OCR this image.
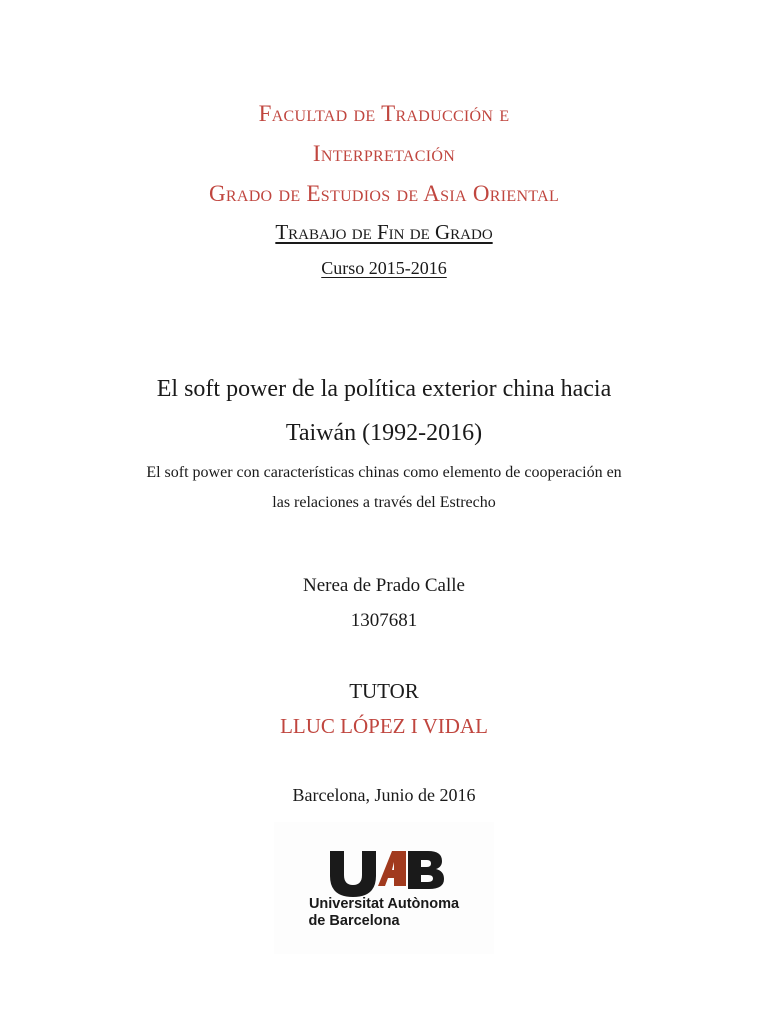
Facultad de Traducción e
Interpretación
Grado de Estudios de Asia Oriental
Trabajo de Fin de Grado
Curso 2015-2016
El soft power de la política exterior china hacia
Taiwán (1992-2016)
El soft power con características chinas como elemento de cooperación en
las relaciones a través del Estrecho
Nerea de Prado Calle
1307681
TUTOR
LLUC LÓPEZ I VIDAL
Barcelona, Junio de 2016
Universitat Autònoma
de Barcelona
